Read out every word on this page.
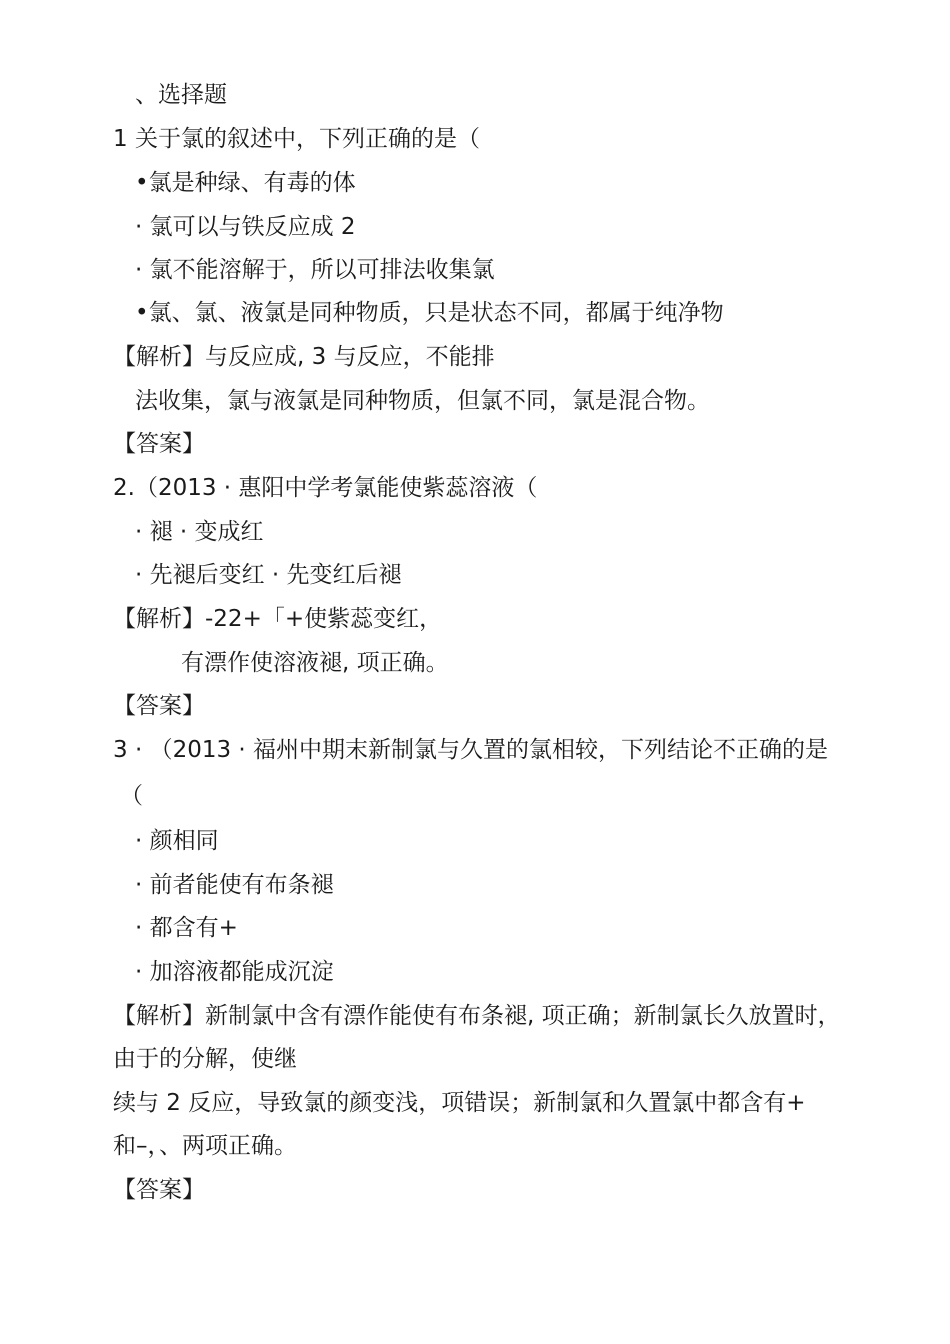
、选择题
1 关于氯的叙述中，下列正确的是（
•氯是种绿、有毒的体
· 氯可以与铁反应成 2
· 氯不能溶解于，所以可排法收集氯
•氯、氯、液氯是同种物质，只是状态不同，都属于纯净物
【解析】与反应成, 3 与反应，不能排
法收集，氯与液氯是同种物质，但氯不同，氯是混合物。
【答案】
2.（2013 · 惠阳中学考氯能使紫蕊溶液（
· 褪 · 变成红
· 先褪后变红 · 先变红后褪
【解析】-22+「+使紫蕊变红，
有漂作使溶液褪, 项正确。
【答案】
3 · （2013 · 福州中期末新制氯与久置的氯相较，下列结论不正确的是
（
· 颜相同
· 前者能使有布条褪
· 都含有+
· 加溶液都能成沉淀
【解析】新制氯中含有漂作能使有布条褪, 项正确；新制氯长久放置时，
由于的分解，使继
续与 2 反应，导致氯的颜变浅，项错误；新制氯和久置氯中都含有+
和–，、两项正确。
【答案】
